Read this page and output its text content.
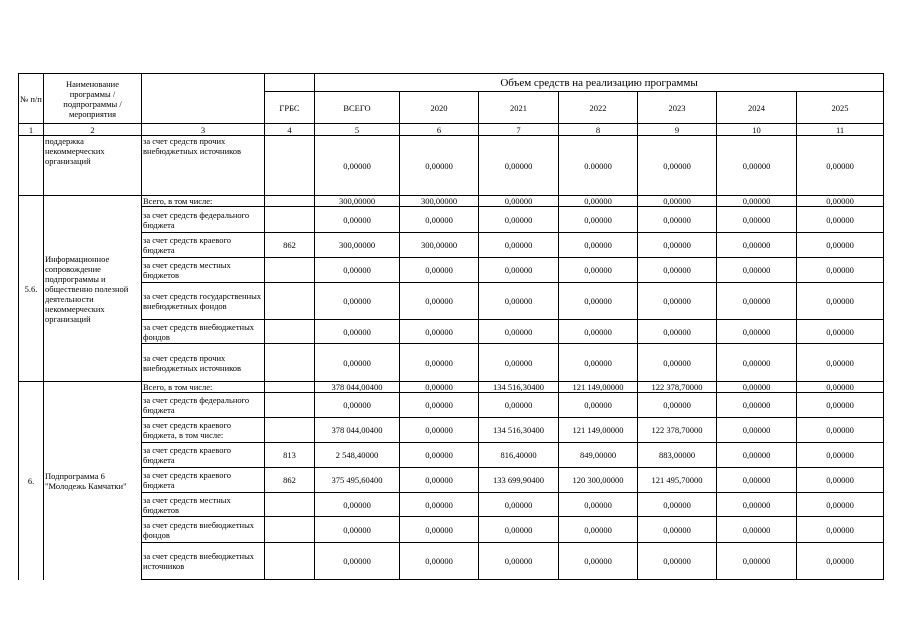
№ п/п	Наименование программы / подпрограммы / мероприятия			Объем средств на реализацию программы						
			ГРБС	ВСЕГО	2020	2021	2022	2023	2024	2025
1	2	3	4	5	6	7	8	9	10	11
	поддержка некоммерческих организаций	за счет средств прочих внебюджетных источников		0,00000	0,00000	0,00000	0.00000	0,00000	0,00000	0,00000
5.6.	Информационное сопровождение подпрограммы и общественно полезной деятельности некоммерческих организаций	Всего, в том числе:		300,00000	300,00000	0,00000	0,00000	0,00000	0,00000	0,00000
		за счет средств федерального бюджета		0,00000	0,00000	0,00000	0,00000	0,00000	0,00000	0,00000
		за счет средств краевого бюджета	862	300,00000	300,00000	0,00000	0,00000	0,00000	0,00000	0,00000
		за счет средств местных бюджетов		0,00000	0,00000	0,00000	0,00000	0,00000	0,00000	0,00000
		за счет средств государственных внебюджетных фондов		0,00000	0,00000	0,00000	0,00000	0,00000	0,00000	0,00000
		за счет средств внебюджетных фондов		0,00000	0,00000	0,00000	0,00000	0,00000	0,00000	0,00000
		за счет средств прочих внебюджетных источников		0,00000	0,00000	0,00000	0,00000	0,00000	0,00000	0,00000
6.	Подпрограмма 6 "Молодежь Камчатки"	Всего, в том числе:		378 044,00400	0,00000	134 516,30400	121 149,00000	122 378,70000	0,00000	0,00000
		за счет средств федерального бюджета		0,00000	0,00000	0,00000	0,00000	0,00000	0,00000	0,00000
		за счет средств краевого бюджета, в том числе:		378 044,00400	0,00000	134 516,30400	121 149,00000	122 378,70000	0,00000	0,00000
		за счет средств краевого бюджета	813	2 548,40000	0,00000	816,40000	849,00000	883,00000	0,00000	0,00000
		за счет средств краевого бюджета	862	375 495,60400	0,00000	133 699,90400	120 300,00000	121 495,70000	0,00000	0,00000
		за счет средств местных бюджетов		0,00000	0,00000	0,00000	0,00000	0,00000	0,00000	0,00000
		за счет средств внебюджетных фондов		0,00000	0,00000	0,00000	0,00000	0,00000	0,00000	0,00000
		за счет средств внебюджетных источников		0,00000	0,00000	0,00000	0,00000	0,00000	0,00000	0,00000
